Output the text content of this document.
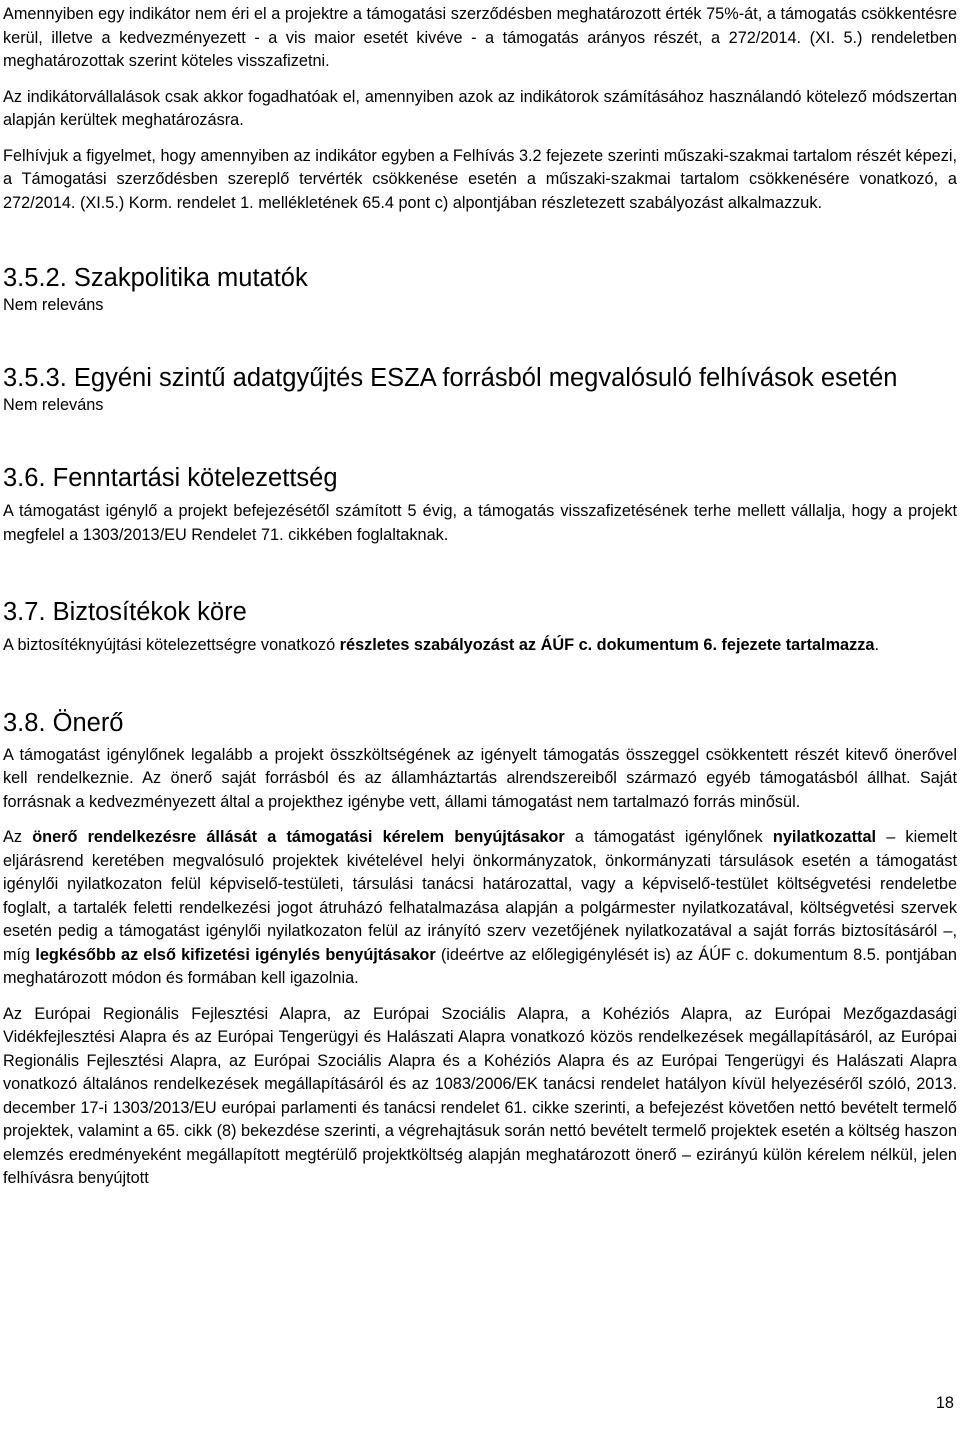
Amennyiben egy indikátor nem éri el a projektre a támogatási szerződésben meghatározott érték 75%-át, a támogatás csökkentésre kerül, illetve a kedvezményezett - a vis maior esetét kivéve - a támogatás arányos részét, a 272/2014. (XI. 5.) rendeletben meghatározottak szerint köteles visszafizetni.

Az indikátorvállalások csak akkor fogadhatóak el, amennyiben azok az indikátorok számításához használandó kötelező módszertan alapján kerültek meghatározásra.

Felhívjuk a figyelmet, hogy amennyiben az indikátor egyben a Felhívás 3.2 fejezete szerinti műszaki-szakmai tartalom részét képezi, a Támogatási szerződésben szereplő tervérték csökkenése esetén a műszaki-szakmai tartalom csökkenésére vonatkozó, a 272/2014. (XI.5.) Korm. rendelet 1. mellékletének 65.4 pont c) alpontjában részletezett szabályozást alkalmazzuk.

3.5.2. Szakpolitika mutatók

Nem releváns

3.5.3. Egyéni szintű adatgyűjtés ESZA forrásból megvalósuló felhívások esetén

Nem releváns

3.6. Fenntartási kötelezettség

A támogatást igénylő a projekt befejezésétől számított 5 évig, a támogatás visszafizetésének terhe mellett vállalja, hogy a projekt megfelel a 1303/2013/EU Rendelet 71. cikkében foglaltaknak.

3.7. Biztosítékok köre

A biztosítéknyújtási kötelezettségre vonatkozó részletes szabályozást az ÁÚF c. dokumentum 6. fejezete tartalmazza.

3.8. Önerő

A támogatást igénylőnek legalább a projekt összköltségének az igényelt támogatás összeggel csökkentett részét kitevő önerővel kell rendelkeznie. Az önerő saját forrásból és az államháztartás alrendszereiből származó egyéb támogatásból állhat. Saját forrásnak a kedvezményezett által a projekthez igénybe vett, állami támogatást nem tartalmazó forrás minősül.

Az önerő rendelkezésre állását a támogatási kérelem benyújtásakor a támogatást igénylőnek nyilatkozattal – kiemelt eljárásrend keretében megvalósuló projektek kivételével helyi önkormányzatok, önkormányzati társulások esetén a támogatást igénylői nyilatkozaton felül képviselő-testületi, társulási tanácsi határozattal, vagy a képviselő-testület költségvetési rendeletbe foglalt, a tartalék feletti rendelkezési jogot átruházó felhatalmazása alapján a polgármester nyilatkozatával, költségvetési szervek esetén pedig a támogatást igénylői nyilatkozaton felül az irányító szerv vezetőjének nyilatkozatával a saját forrás biztosításáról –, míg legkésőbb az első kifizetési igénylés benyújtásakor (ideértve az előlegigénylését is) az ÁÚF c. dokumentum 8.5. pontjában meghatározott módon és formában kell igazolnia.

Az Európai Regionális Fejlesztési Alapra, az Európai Szociális Alapra, a Kohéziós Alapra, az Európai Mezőgazdasági Vidékfejlesztési Alapra és az Európai Tengerügyi és Halászati Alapra vonatkozó közös rendelkezések megállapításáról, az Európai Regionális Fejlesztési Alapra, az Európai Szociális Alapra és a Kohéziós Alapra és az Európai Tengerügyi és Halászati Alapra vonatkozó általános rendelkezések megállapításáról és az 1083/2006/EK tanácsi rendelet hatályon kívül helyezéséről szóló, 2013. december 17-i 1303/2013/EU európai parlamenti és tanácsi rendelet 61. cikke szerinti, a befejezést követően nettó bevételt termelő projektek, valamint a 65. cikk (8) bekezdése szerinti, a végrehajtásuk során nettó bevételt termelő projektek esetén a költség haszon elemzés eredményeként megállapított megtérülő projektköltség alapján meghatározott önerő – ezirányú külön kérelem nélkül, jelen felhívásra benyújtott

18
